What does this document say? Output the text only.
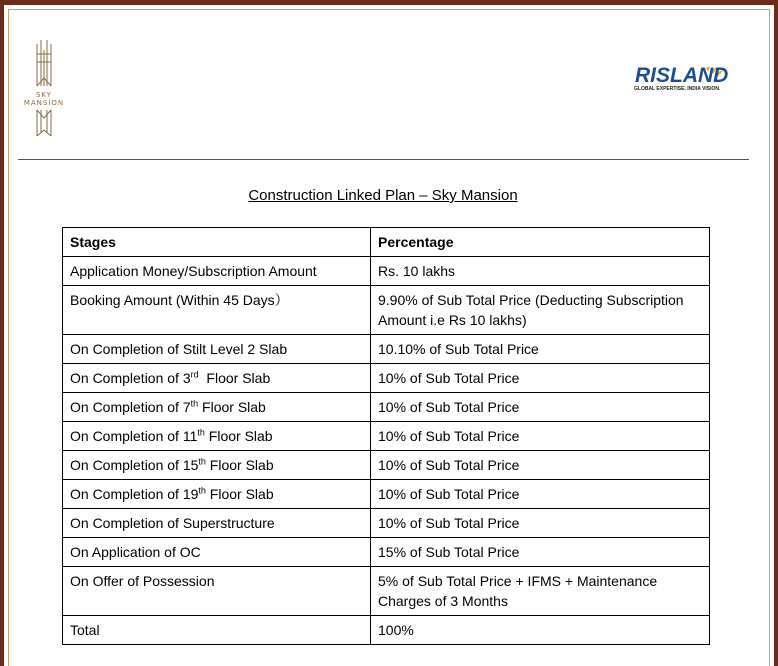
SKY
MANSION
RISLAND
GLOBAL EXPERTISE. INDIA VISION.
Construction Linked Plan – Sky Mansion
Stages	Percentage
Application Money/Subscription Amount	Rs. 10 lakhs
Booking Amount (Within 45 Days）	9.90% of Sub Total Price (Deducting Subscription Amount i.e Rs 10 lakhs)
On Completion of Stilt Level 2 Slab	10.10% of Sub Total Price
On Completion of 3rd  Floor Slab	10% of Sub Total Price
On Completion of 7th Floor Slab	10% of Sub Total Price
On Completion of 11th Floor Slab	10% of Sub Total Price
On Completion of 15th Floor Slab	10% of Sub Total Price
On Completion of 19th Floor Slab	10% of Sub Total Price
On Completion of Superstructure	10% of Sub Total Price
On Application of OC	15% of Sub Total Price
On Offer of Possession	5% of Sub Total Price + IFMS + Maintenance Charges of 3 Months
Total	100%
